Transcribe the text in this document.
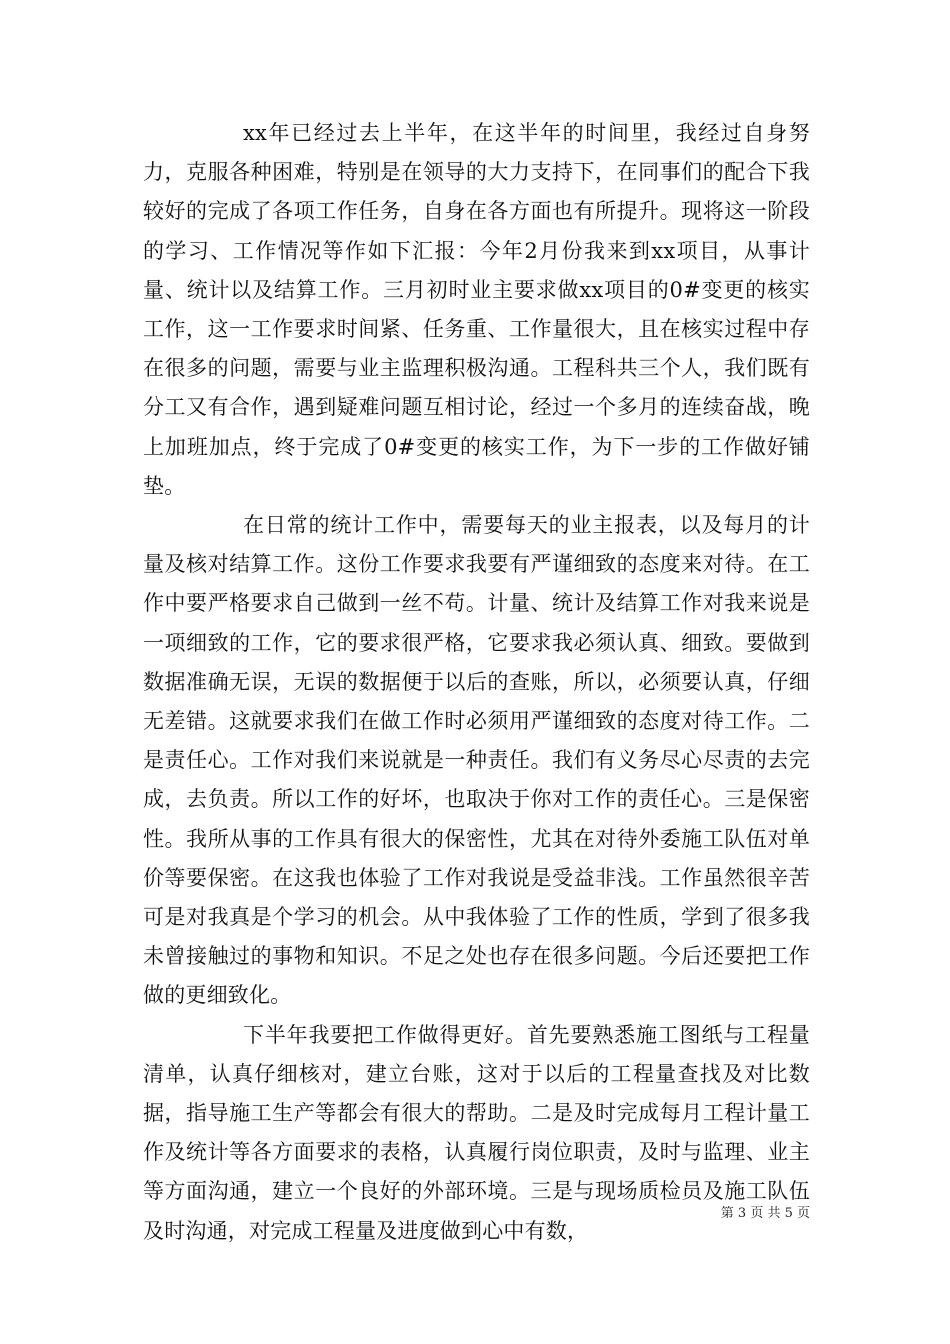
xx年已经过去上半年，在这半年的时间里，我经过自身努力，克服各种困难，特别是在领导的大力支持下，在同事们的配合下我较好的完成了各项工作任务，自身在各方面也有所提升。现将这一阶段的学习、工作情况等作如下汇报：今年2月份我来到xx项目，从事计量、统计以及结算工作。三月初时业主要求做xx项目的0#变更的核实工作，这一工作要求时间紧、任务重、工作量很大，且在核实过程中存在很多的问题，需要与业主监理积极沟通。工程科共三个人，我们既有分工又有合作，遇到疑难问题互相讨论，经过一个多月的连续奋战，晚上加班加点，终于完成了0#变更的核实工作，为下一步的工作做好铺垫。

在日常的统计工作中，需要每天的业主报表，以及每月的计量及核对结算工作。这份工作要求我要有严谨细致的态度来对待。在工作中要严格要求自己做到一丝不苟。计量、统计及结算工作对我来说是一项细致的工作，它的要求很严格，它要求我必须认真、细致。要做到数据准确无误，无误的数据便于以后的查账，所以，必须要认真，仔细无差错。这就要求我们在做工作时必须用严谨细致的态度对待工作。二是责任心。工作对我们来说就是一种责任。我们有义务尽心尽责的去完成，去负责。所以工作的好坏，也取决于你对工作的责任心。三是保密性。我所从事的工作具有很大的保密性，尤其在对待外委施工队伍对单价等要保密。在这我也体验了工作对我说是受益非浅。工作虽然很辛苦可是对我真是个学习的机会。从中我体验了工作的性质，学到了很多我未曾接触过的事物和知识。不足之处也存在很多问题。今后还要把工作做的更细致化。

下半年我要把工作做得更好。首先要熟悉施工图纸与工程量清单，认真仔细核对，建立台账，这对于以后的工程量查找及对比数据，指导施工生产等都会有很大的帮助。二是及时完成每月工程计量工作及统计等各方面要求的表格，认真履行岗位职责，及时与监理、业主等方面沟通，建立一个良好的外部环境。三是与现场质检员及施工队伍及时沟通，对完成工程量及进度做到心中有数，

第 3 页 共 5 页
